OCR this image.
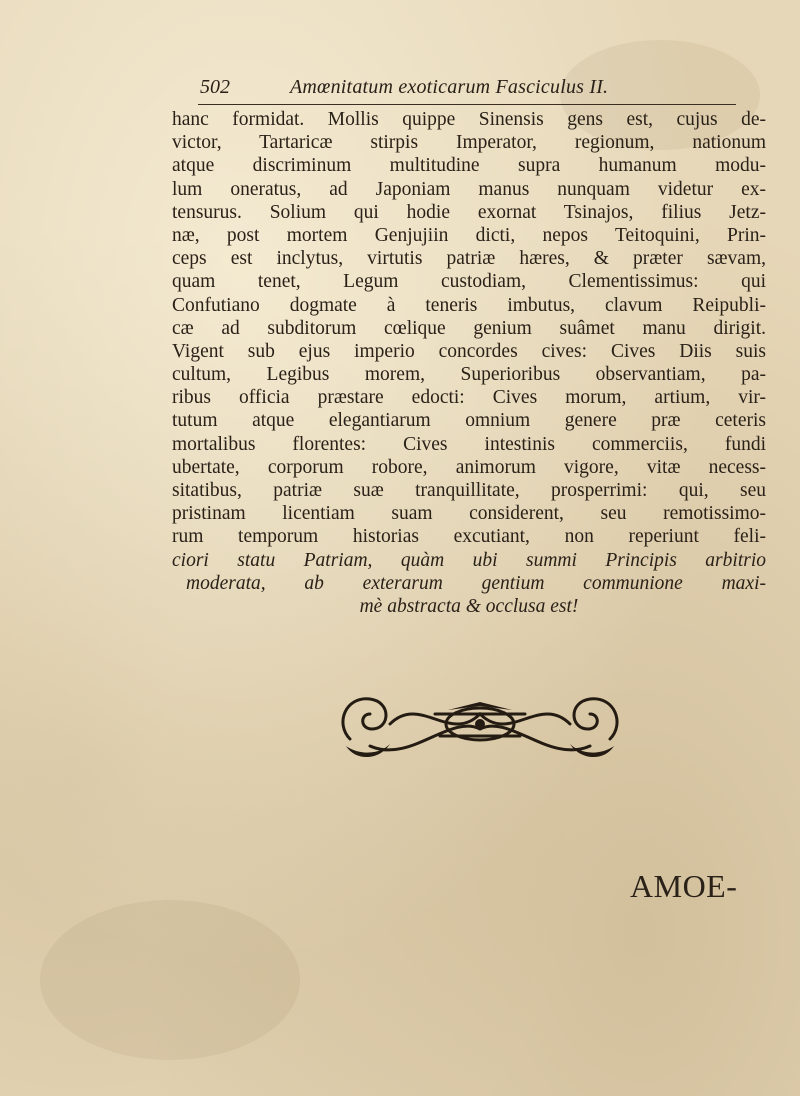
502	Amœnitatum exoticarum Fasciculus II.
hanc formidat. Mollis quippe Sinensis gens est, cujus de-
victor, Tartaricæ stirpis Imperator, regionum, nationum
atque discriminum multitudine supra humanum modu-
lum oneratus, ad Japoniam manus nunquam videtur ex-
tensurus. Solium qui hodie exornat Tsinajos, filius Jetz-
næ, post mortem Genjujiin dicti, nepos Teitoquini, Prin-
ceps est inclytus, virtutis patriæ hæres, & præter sævam,
quam tenet, Legum custodiam, Clementissimus: qui
Confutiano dogmate à teneris imbutus, clavum Reipubli-
cæ ad subditorum cœlique genium suâmet manu dirigit.
Vigent sub ejus imperio concordes cives: Cives Diis suis
cultum, Legibus morem, Superioribus observantiam, pa-
ribus officia præstare edocti: Cives morum, artium, vir-
tutum atque elegantiarum omnium genere præ ceteris
mortalibus florentes: Cives intestinis commerciis, fundi
ubertate, corporum robore, animorum vigore, vitæ necess-
sitatibus, patriæ suæ tranquillitate, prosperrimi: qui, seu
pristinam licentiam suam considerent, seu remotissimo-
rum temporum historias excutiant, non reperiunt feli-
ciori statu Patriam, quàm ubi summi Principis arbitrio
moderata, ab exterarum gentium communione maxi-
mè abstracta & occlusa est!
AMOE-
